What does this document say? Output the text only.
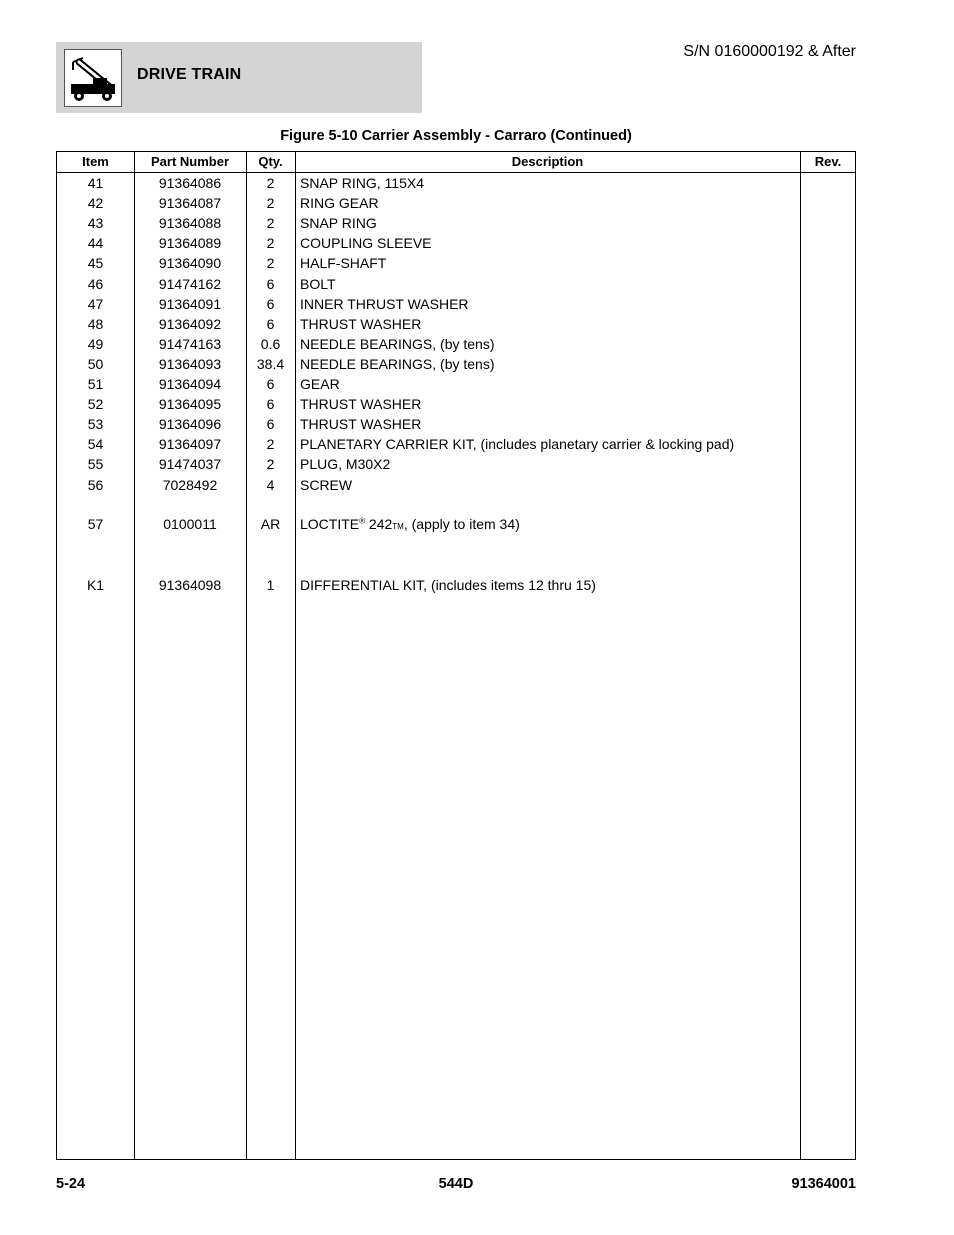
DRIVE TRAIN
S/N 0160000192 & After
Figure 5-10 Carrier Assembly - Carraro (Continued)
Item	Part Number	Qty.	Description	Rev.
57	0100011	AR	LOCTITE® 242TM, (apply to item 34)
K1	91364098	1	DIFFERENTIAL KIT, (includes items 12 thru 15)
41	91364086	2	SNAP RING, 115X4
42	91364087	2	RING GEAR
43	91364088	2	SNAP RING
44	91364089	2	COUPLING SLEEVE
45	91364090	2	HALF-SHAFT
46	91474162	6	BOLT
47	91364091	6	INNER THRUST WASHER
48	91364092	6	THRUST WASHER
49	91474163	0.6	NEEDLE BEARINGS, (by tens)
50	91364093	38.4	NEEDLE BEARINGS, (by tens)
51	91364094	6	GEAR
52	91364095	6	THRUST WASHER
53	91364096	6	THRUST WASHER
54	91364097	2	PLANETARY CARRIER KIT, (includes planetary carrier & locking pad)
55	91474037	2	PLUG, M30X2
56	7028492	4	SCREW
5-24	544D	91364001
